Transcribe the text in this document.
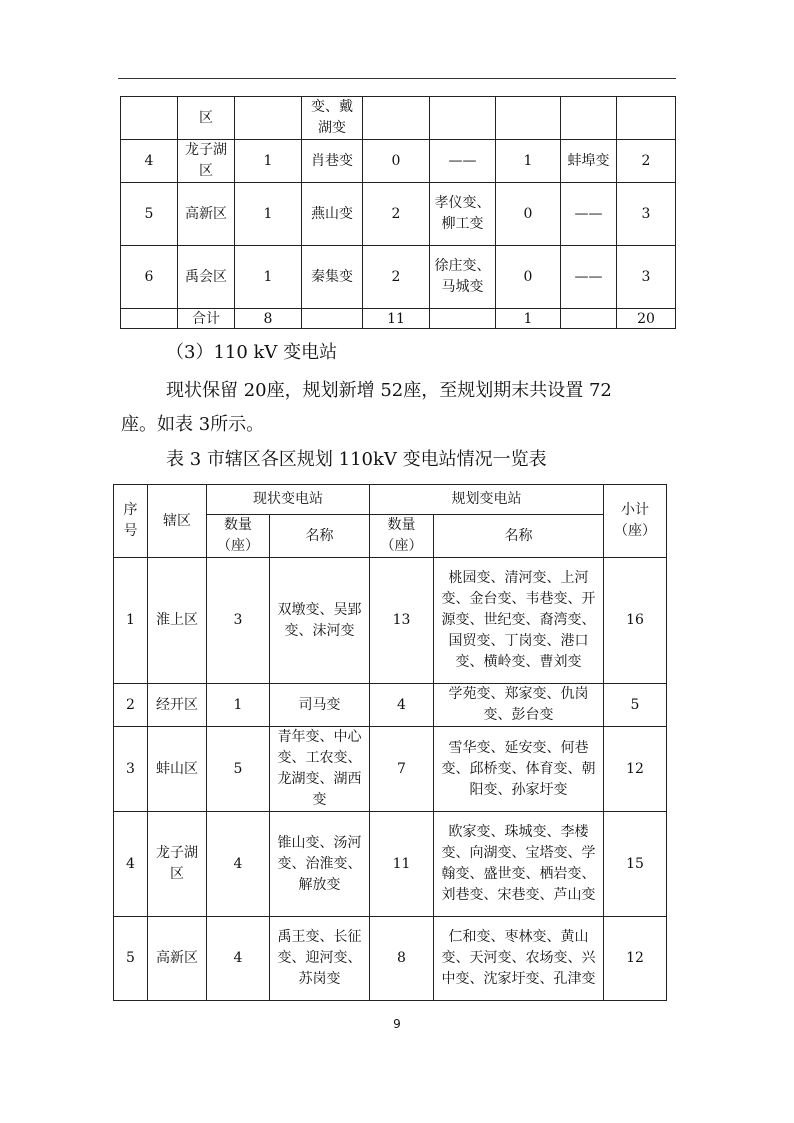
	区		变、戴湖变					
4	龙子湖区	1	肖巷变	0	——	1	蚌埠变	2
5	高新区	1	燕山变	2	孝仪变、柳工变	0	——	3
6	禹会区	1	秦集变	2	徐庄变、马城变	0	——	3
	合计	8		11		1		20
（3）110 kV 变电站
现状保留 20座，规划新增 52座，至规划期末共设置 72
座。如表 3所示。
表 3 市辖区各区规划 110kV 变电站情况一览表
序号	辖区	现状变电站		规划变电站		小计（座）
		数量（座）	名称	数量（座）	名称	
1	淮上区	3	双墩变、吴郢变、沫河变	13	桃园变、清河变、上河变、金台变、韦巷变、开源变、世纪变、裔湾变、国贸变、丁岗变、港口变、横岭变、曹刘变	16
2	经开区	1	司马变	4	学苑变、郑家变、仇岗变、彭台变	5
3	蚌山区	5	青年变、中心变、工农变、龙湖变、湖西变	7	雪华变、延安变、何巷变、邱桥变、体育变、朝阳变、孙家圩变	12
4	龙子湖区	4	锥山变、汤河变、治淮变、解放变	11	欧家变、珠城变、李楼变、向湖变、宝塔变、学翰变、盛世变、栖岩变、刘巷变、宋巷变、芦山变	15
5	高新区	4	禹王变、长征变、迎河变、苏岗变	8	仁和变、枣林变、黄山变、天河变、农场变、兴中变、沈家圩变、孔津变	12
9
